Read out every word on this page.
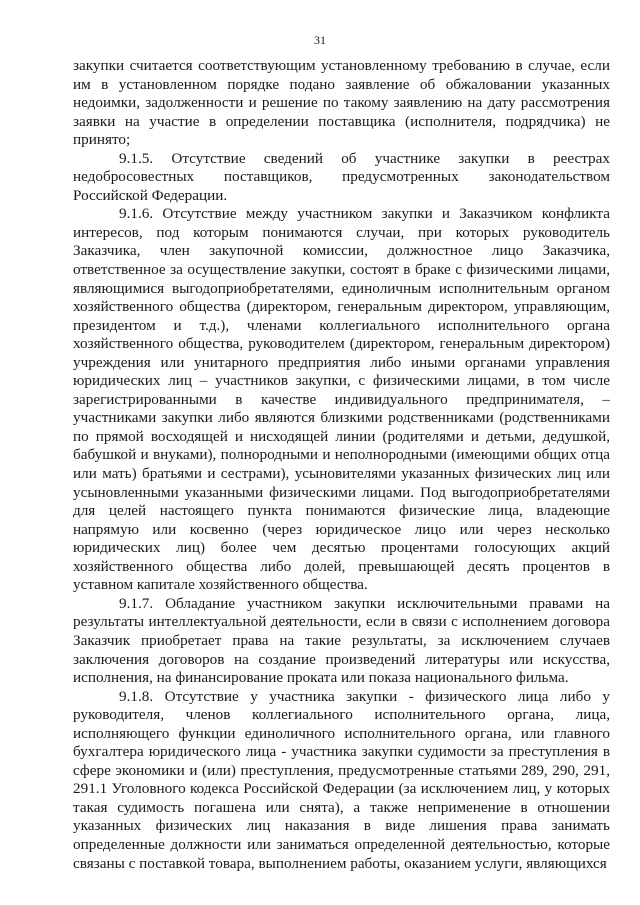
31

закупки считается соответствующим установленному требованию в случае, если им в установленном порядке подано заявление об обжаловании указанных недоимки, задолженности и решение по такому заявлению на дату рассмотрения заявки на участие в определении поставщика (исполнителя, подрядчика) не принято;

9.1.5. Отсутствие сведений об участнике закупки в реестрах недобросовестных поставщиков, предусмотренных законодательством Российской Федерации.

9.1.6. Отсутствие между участником закупки и Заказчиком конфликта интересов, под которым понимаются случаи, при которых руководитель Заказчика, член закупочной комиссии, должностное лицо Заказчика, ответственное за осуществление закупки, состоят в браке с физическими лицами, являющимися выгодоприобретателями, единоличным исполнительным органом хозяйственного общества (директором, генеральным директором, управляющим, президентом и т.д.), членами коллегиального исполнительного органа хозяйственного общества, руководителем (директором, генеральным директором) учреждения или унитарного предприятия либо иными органами управления юридических лиц – участников закупки, с физическими лицами, в том числе зарегистрированными в качестве индивидуального предпринимателя, – участниками закупки либо являются близкими родственниками (родственниками по прямой восходящей и нисходящей линии (родителями и детьми, дедушкой, бабушкой и внуками), полнородными и неполнородными (имеющими общих отца или мать) братьями и сестрами), усыновителями указанных физических лиц или усыновленными указанными физическими лицами. Под выгодоприобретателями для целей настоящего пункта понимаются физические лица, владеющие напрямую или косвенно (через юридическое лицо или через несколько юридических лиц) более чем десятью процентами голосующих акций хозяйственного общества либо долей, превышающей десять процентов в уставном капитале хозяйственного общества.

9.1.7. Обладание участником закупки исключительными правами на результаты интеллектуальной деятельности, если в связи с исполнением договора Заказчик приобретает права на такие результаты, за исключением случаев заключения договоров на создание произведений литературы или искусства, исполнения, на финансирование проката или показа национального фильма.

9.1.8. Отсутствие у участника закупки - физического лица либо у руководителя, членов коллегиального исполнительного органа, лица, исполняющего функции единоличного исполнительного органа, или главного бухгалтера юридического лица - участника закупки судимости за преступления в сфере экономики и (или) преступления, предусмотренные статьями 289, 290, 291, 291.1 Уголовного кодекса Российской Федерации (за исключением лиц, у которых такая судимость погашена или снята), а также неприменение в отношении указанных физических лиц наказания в виде лишения права занимать определенные должности или заниматься определенной деятельностью, которые связаны с поставкой товара, выполнением работы, оказанием услуги, являющихся
